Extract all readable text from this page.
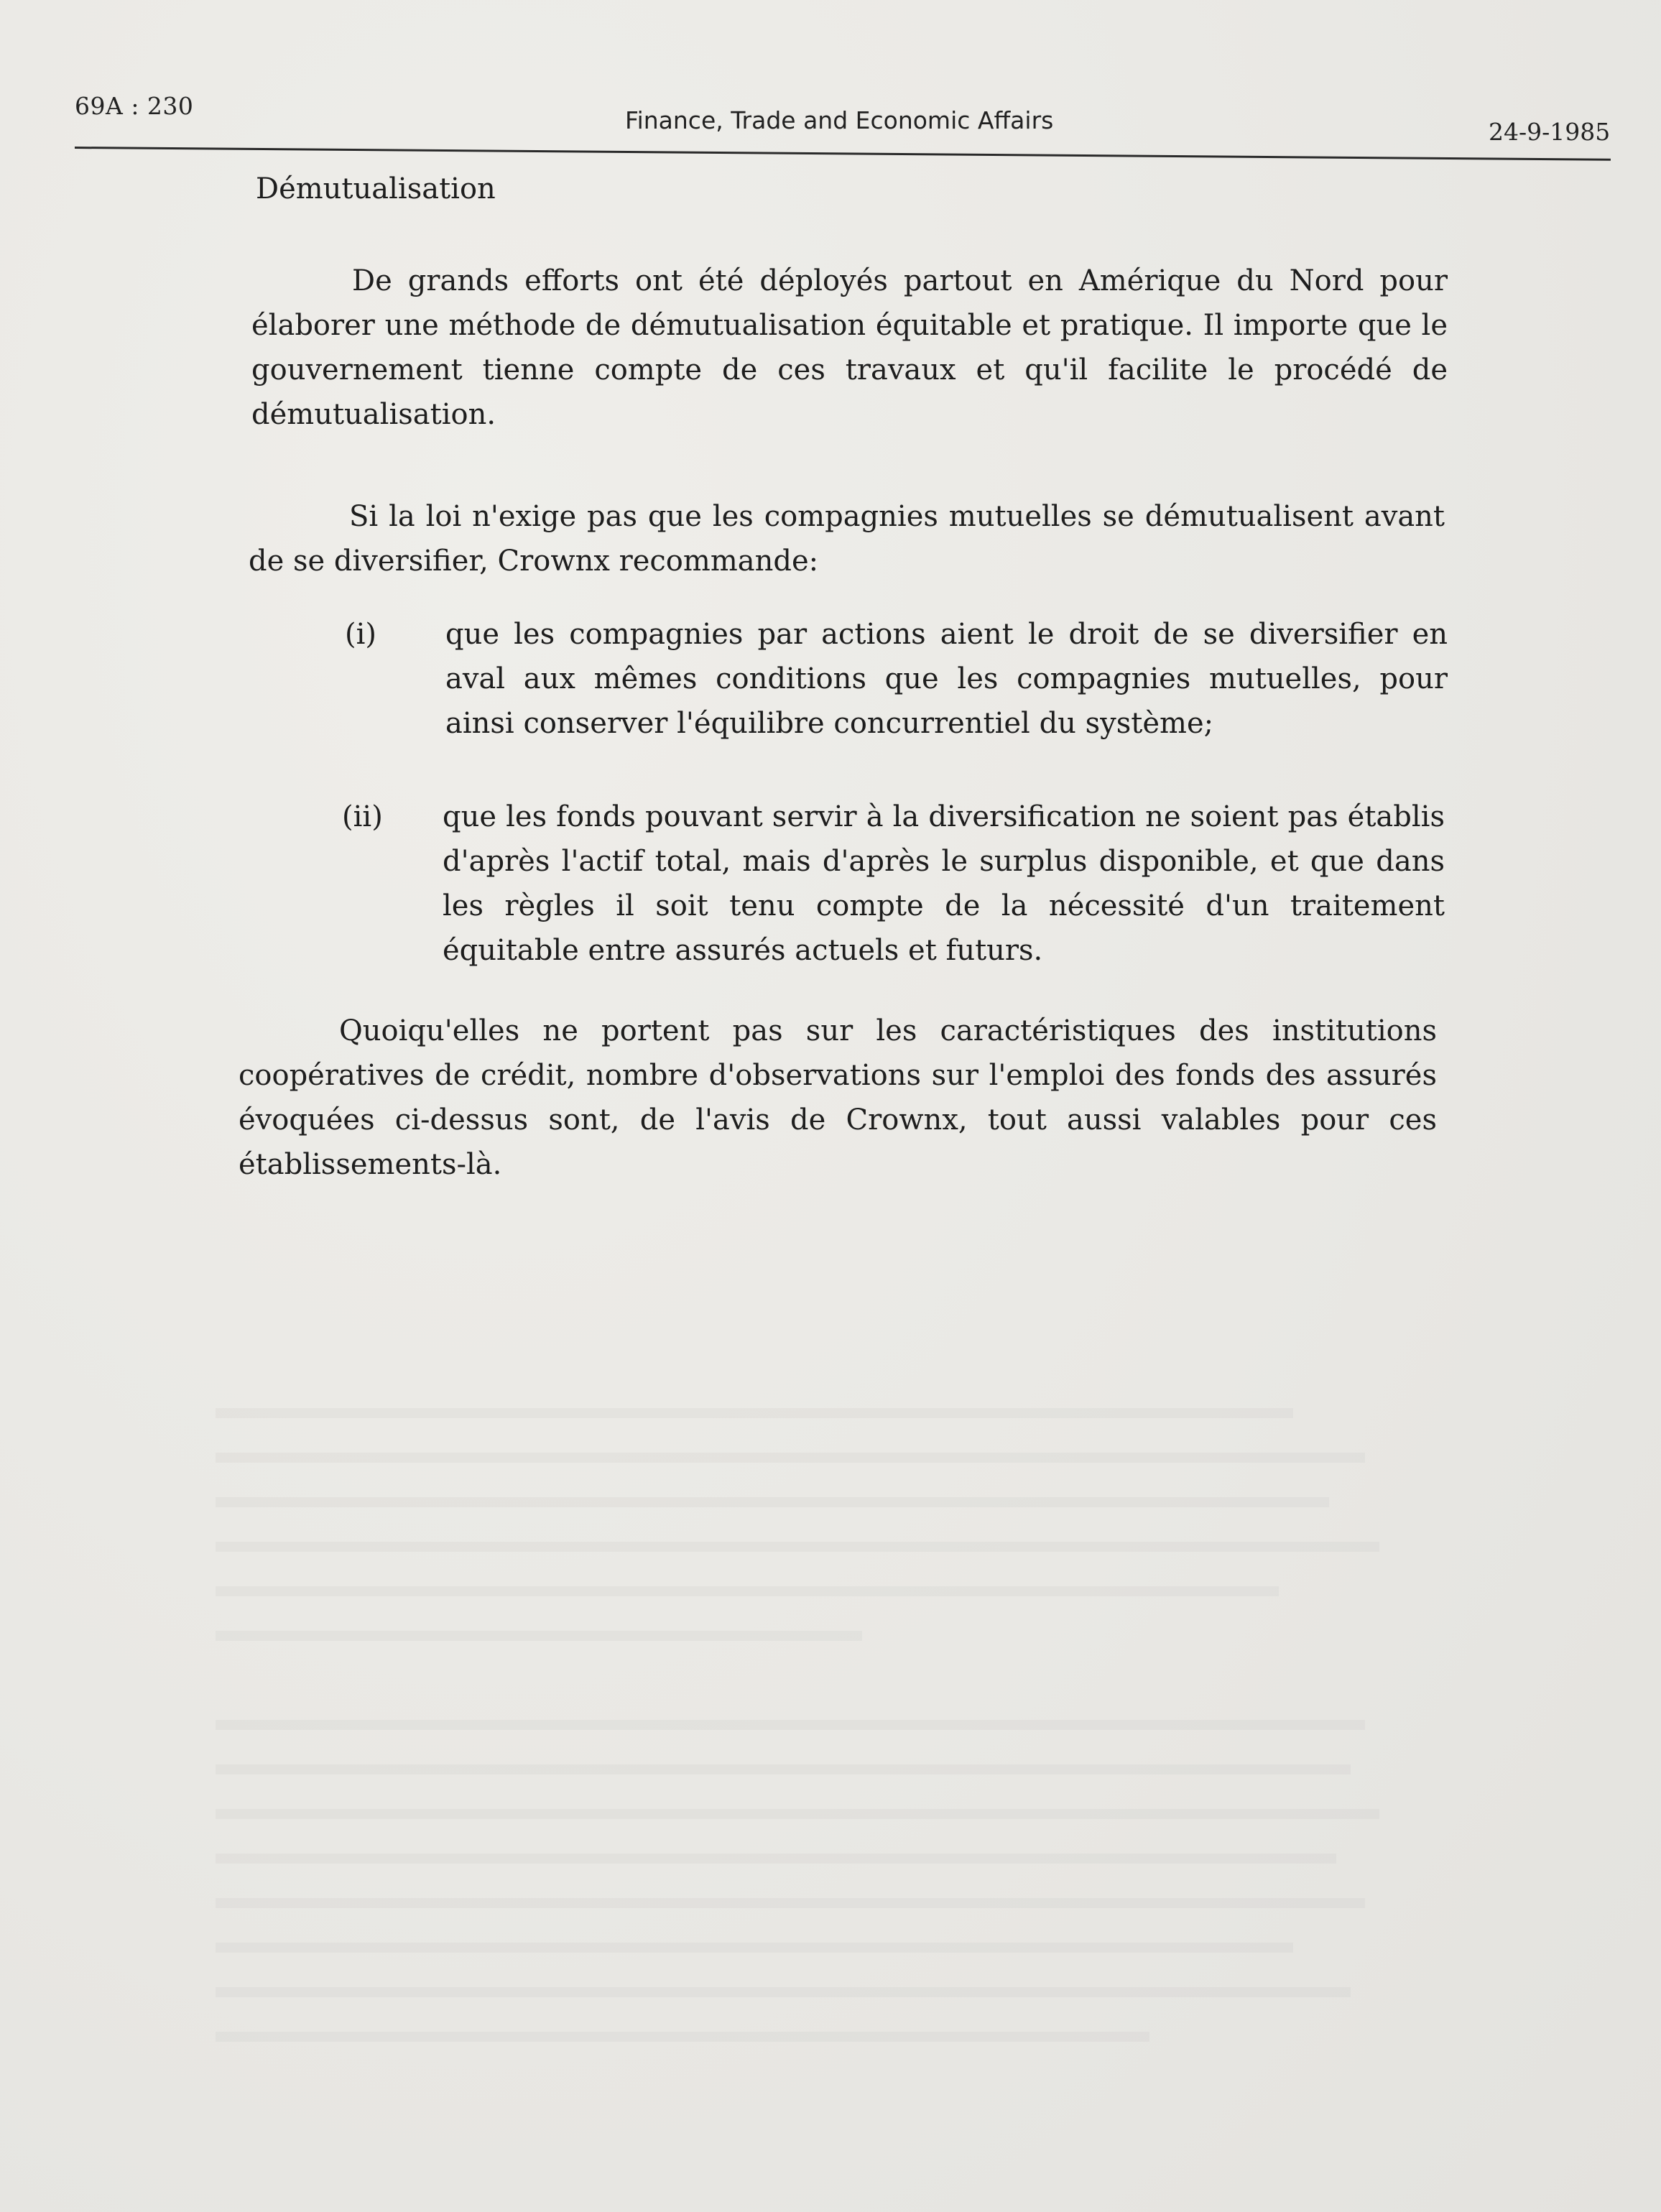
69A : 230
Finance, Trade and Economic Affairs	24-9-1985
Démutualisation

De grands efforts ont été déployés partout en Amérique du Nord pour élaborer une méthode de démutualisation équitable et pratique. Il importe que le gouvernement tienne compte de ces travaux et qu'il facilite le procédé de démutualisation.

Si la loi n'exige pas que les compagnies mutuelles se démutualisent avant de se diversifier, Crownx recommande:

(i)	que les compagnies par actions aient le droit de se diversifier en aval aux mêmes conditions que les compagnies mutuelles, pour ainsi conserver l'équilibre concurrentiel du système;

(ii)	que les fonds pouvant servir à la diversification ne soient pas établis d'après l'actif total, mais d'après le surplus disponible, et que dans les règles il soit tenu compte de la nécessité d'un traitement équitable entre assurés actuels et futurs.

Quoiqu'elles ne portent pas sur les caractéristiques des institutions coopératives de crédit, nombre d'observations sur l'emploi des fonds des assurés évoquées ci-dessus sont, de l'avis de Crownx, tout aussi valables pour ces établissements-là.
